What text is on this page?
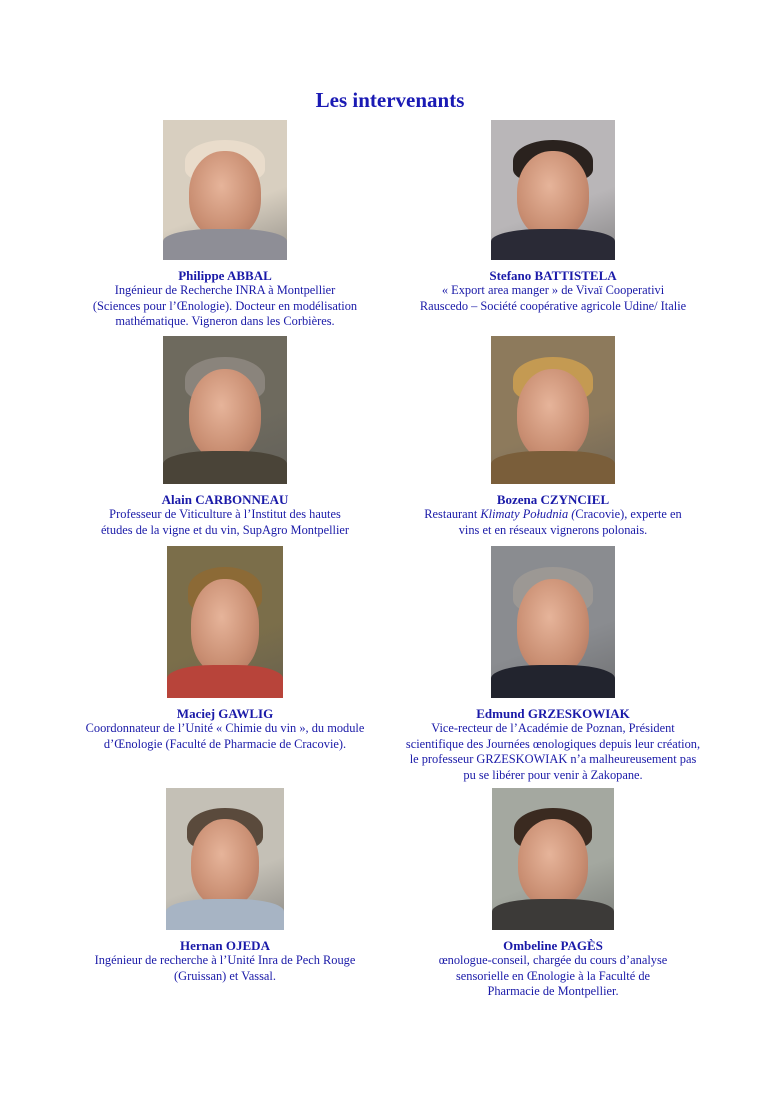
Les intervenants
Philippe ABBAL
Ingénieur de Recherche INRA à Montpellier
(Sciences pour l’Œnologie). Docteur en modélisation
mathématique. Vigneron dans les Corbières.
Stefano BATTISTELA
« Export area manger » de Vivaï Cooperativi
Rauscedo – Société coopérative agricole Udine/ Italie
Alain CARBONNEAU
Professeur de Viticulture à l’Institut des hautes
études de la vigne et du vin, SupAgro Montpellier
Bozena CZYNCIEL
Restaurant Klimaty Południa (Cracovie), experte en
vins et en réseaux vignerons polonais.
Maciej GAWLIG
Coordonnateur de l’Unité « Chimie du vin », du module
d’Œnologie (Faculté de Pharmacie de Cracovie).
Edmund GRZESKOWIAK
Vice-recteur de l’Académie de Poznan, Président
scientifique des Journées œnologiques depuis leur création,
le professeur GRZESKOWIAK n’a malheureusement pas
pu se libérer pour venir à Zakopane.
Hernan OJEDA
Ingénieur de recherche à l’Unité Inra de Pech Rouge
(Gruissan) et Vassal.
Ombeline PAGÈS
œnologue-conseil, chargée du cours d’analyse
sensorielle en Œnologie à la Faculté de
Pharmacie de Montpellier.
